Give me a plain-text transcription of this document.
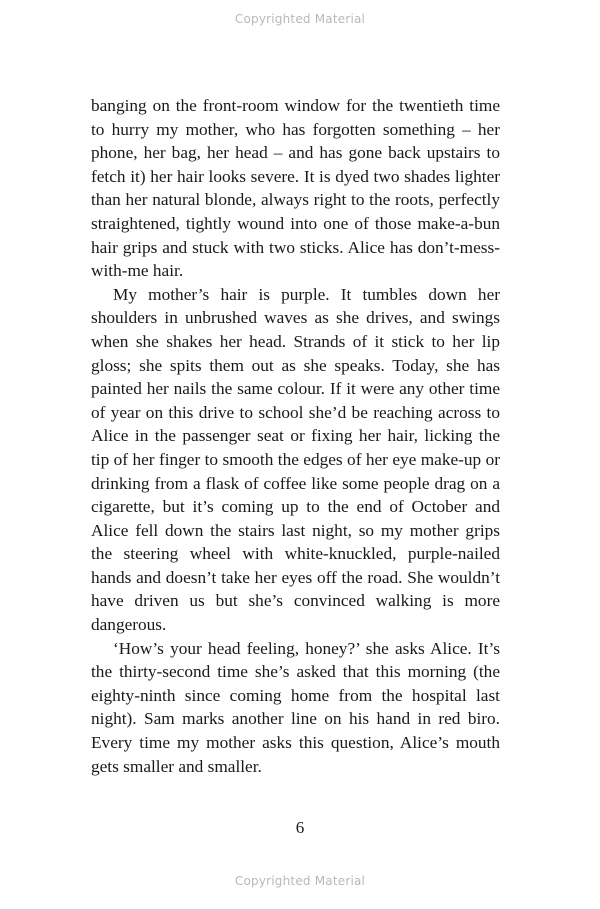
Copyrighted Material

banging on the front-room window for the twentieth time to hurry my mother, who has forgotten something – her phone, her bag, her head – and has gone back upstairs to fetch it) her hair looks severe. It is dyed two shades lighter than her natural blonde, always right to the roots, perfectly straightened, tightly wound into one of those make-a-bun hair grips and stuck with two sticks. Alice has don’t-mess-with-me hair.

My mother’s hair is purple. It tumbles down her shoulders in unbrushed waves as she drives, and swings when she shakes her head. Strands of it stick to her lip gloss; she spits them out as she speaks. Today, she has painted her nails the same colour. If it were any other time of year on this drive to school she’d be reaching across to Alice in the passenger seat or fixing her hair, licking the tip of her finger to smooth the edges of her eye make-up or drinking from a flask of coffee like some people drag on a cigarette, but it’s coming up to the end of October and Alice fell down the stairs last night, so my mother grips the steering wheel with white-knuckled, purple-nailed hands and doesn’t take her eyes off the road. She wouldn’t have driven us but she’s convinced walking is more dangerous.

‘How’s your head feeling, honey?’ she asks Alice. It’s the thirty-second time she’s asked that this morning (the eighty-ninth since coming home from the hospital last night). Sam marks another line on his hand in red biro. Every time my mother asks this question, Alice’s mouth gets smaller and smaller.

6
Copyrighted Material
